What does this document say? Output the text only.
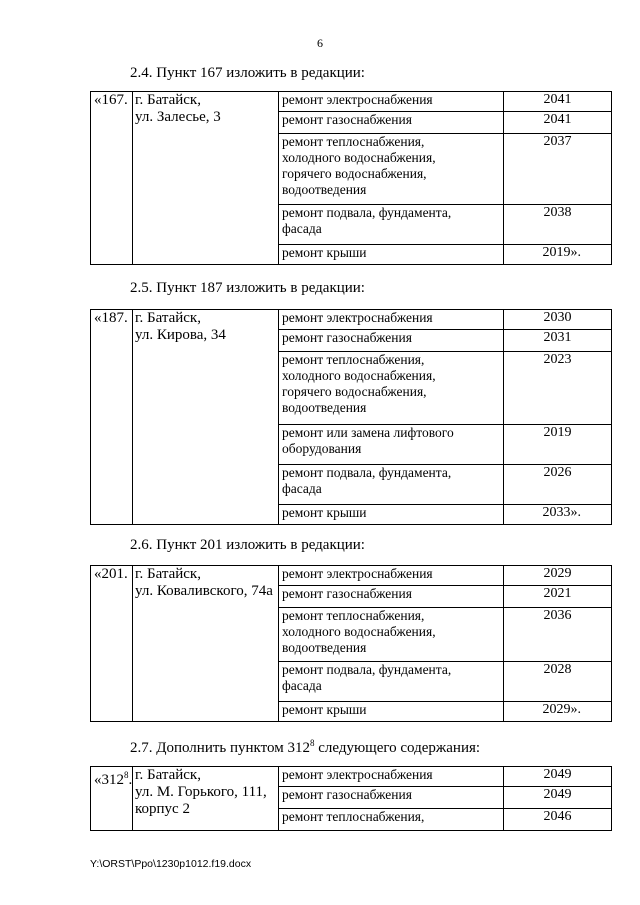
6
2.4. Пункт 167 изложить в редакции:
«167.	г. Батайск,
ул. Залесье, 3	ремонт электроснабжения	2041
		ремонт газоснабжения	2041
		ремонт теплоснабжения,
холодного водоснабжения,
горячего водоснабжения,
водоотведения	2037
		ремонт подвала, фундамента,
фасада	2038
		ремонт крыши	2019».
2.5. Пункт 187 изложить в редакции:
«187.	г. Батайск,
ул. Кирова, 34	ремонт электроснабжения	2030
		ремонт газоснабжения	2031
		ремонт теплоснабжения,
холодного водоснабжения,
горячего водоснабжения,
водоотведения	2023
		ремонт или замена лифтового
оборудования	2019
		ремонт подвала, фундамента,
фасада	2026
		ремонт крыши	2033».
2.6. Пункт 201 изложить в редакции:
«201.	г. Батайск,
ул. Коваливского, 74а	ремонт электроснабжения	2029
		ремонт газоснабжения	2021
		ремонт теплоснабжения,
холодного водоснабжения,
водоотведения	2036
		ремонт подвала, фундамента,
фасада	2028
		ремонт крыши	2029».
2.7. Дополнить пунктом $312^8$ следующего содержания:
«$312^8$.	г. Батайск,
ул. М. Горького, 111,
корпус 2	ремонт электроснабжения	2049
		ремонт газоснабжения	2049
		ремонт теплоснабжения,	2046
Y:\ORST\Ppo\1230p1012.f19.docx
